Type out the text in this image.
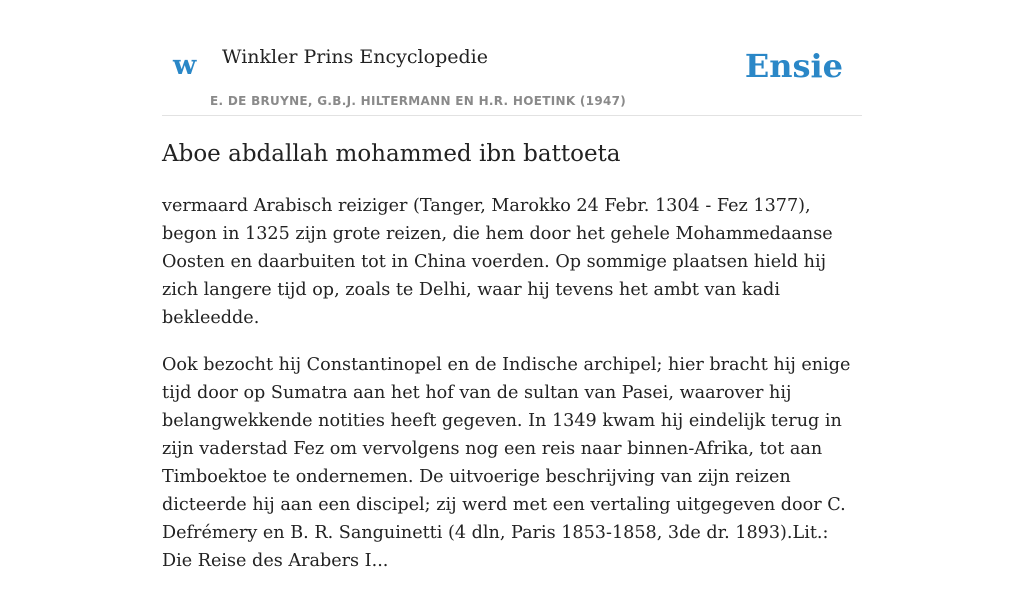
w Winkler Prins Encyclopedie
E. DE BRUYNE, G.B.J. HILTERMANN EN H.R. HOETINK (1947)
Ensie
Aboe abdallah mohammed ibn battoeta

vermaard Arabisch reiziger (Tanger, Marokko 24 Febr. 1304 - Fez 1377), begon in 1325 zijn grote reizen, die hem door het gehele Mohammedaanse Oosten en daarbuiten tot in China voerden. Op sommige plaatsen hield hij zich langere tijd op, zoals te Delhi, waar hij tevens het ambt van kadi bekleedde.

Ook bezocht hij Constantinopel en de Indische archipel; hier bracht hij enige tijd door op Sumatra aan het hof van de sultan van Pasei, waarover hij belangwekkende notities heeft gegeven. In 1349 kwam hij eindelijk terug in zijn vaderstad Fez om vervolgens nog een reis naar binnen-Afrika, tot aan Timboektoe te ondernemen. De uitvoerige beschrijving van zijn reizen dicteerde hij aan een discipel; zij werd met een vertaling uitgegeven door C. Defrémery en B. R. Sanguinetti (4 dln, Paris 1853-1858, 3de dr. 1893).Lit.: Die Reise des Arabers I...
